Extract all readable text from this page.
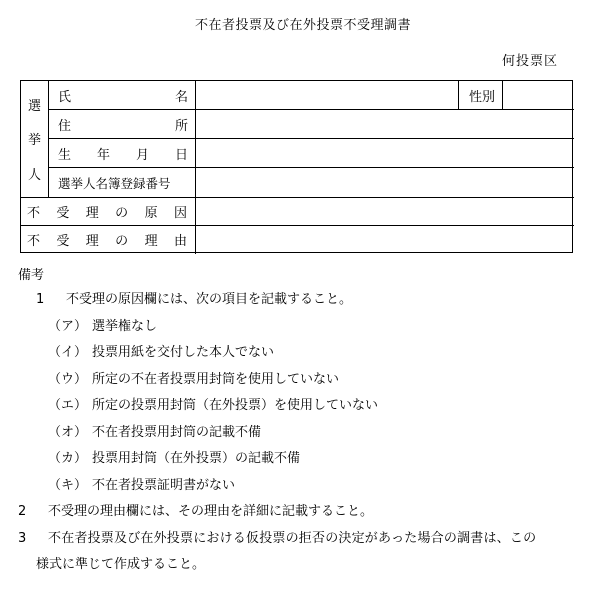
不在者投票及び在外投票不受理調書
何投票区
選
挙
人
氏	名	性別
住	所
生 年 月 日
選挙人名簿登録番号
不 受 理 の 原 因
不 受 理 の 理 由
備考
1 不受理の原因欄には、次の項目を記載すること。
（ア） 選挙権なし
（イ） 投票用紙を交付した本人でない
（ウ） 所定の不在者投票用封筒を使用していない
（エ） 所定の投票用封筒（在外投票）を使用していない
（オ） 不在者投票用封筒の記載不備
（カ） 投票用封筒（在外投票）の記載不備
（キ） 不在者投票証明書がない
2 不受理の理由欄には、その理由を詳細に記載すること。
3 不在者投票及び在外投票における仮投票の拒否の決定があった場合の調書は、この
様式に準じて作成すること。
